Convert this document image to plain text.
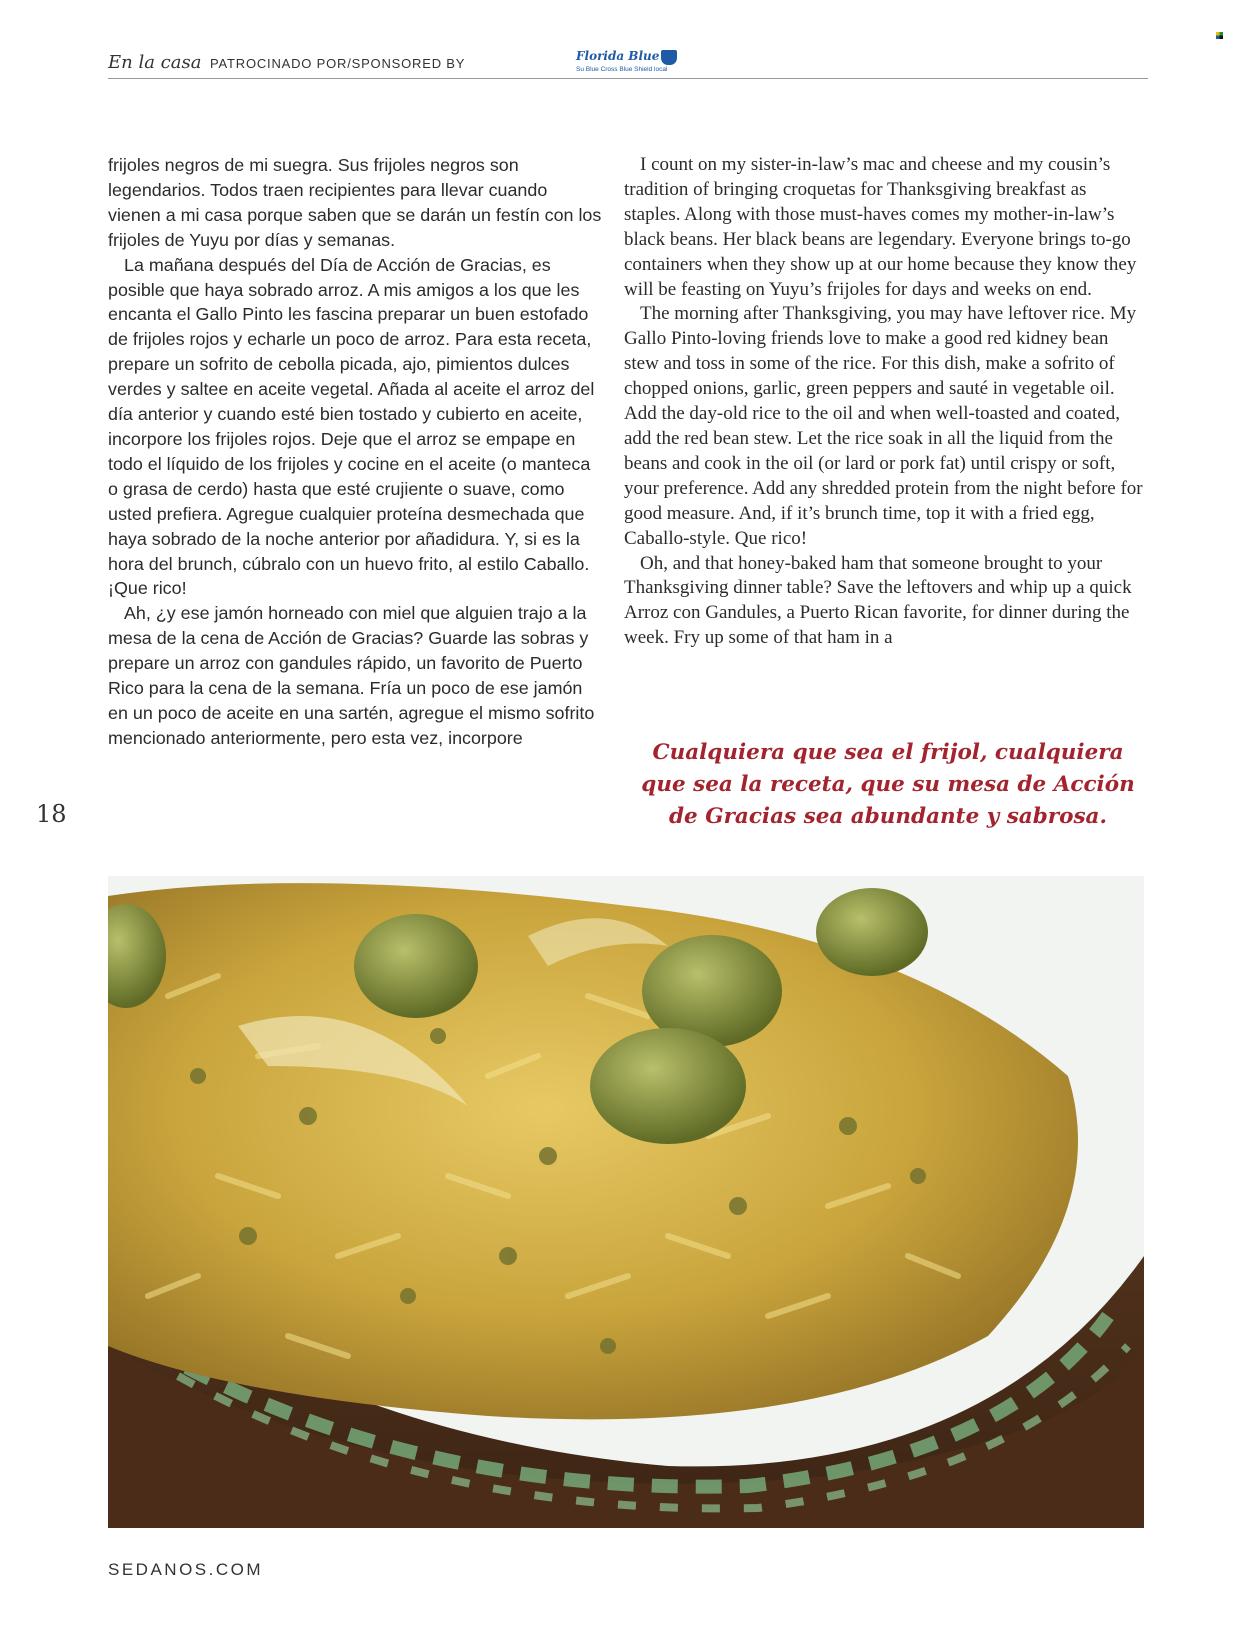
En la casa PATROCINADO POR/SPONSORED BY	Florida Blue
Su Blue Cross Blue Shield local
18

frijoles negros de mi suegra. Sus frijoles negros son legendarios. Todos traen recipientes para llevar cuando vienen a mi casa porque saben que se darán un festín con los frijoles de Yuyu por días y semanas.

La mañana después del Día de Acción de Gracias, es posible que haya sobrado arroz. A mis amigos a los que les encanta el Gallo Pinto les fascina preparar un buen estofado de frijoles rojos y echarle un poco de arroz. Para esta receta, prepare un sofrito de cebolla picada, ajo, pimientos dulces verdes y saltee en aceite vegetal. Añada al aceite el arroz del día anterior y cuando esté bien tostado y cubierto en aceite, incorpore los frijoles rojos. Deje que el arroz se empape en todo el líquido de los frijoles y cocine en el aceite (o manteca o grasa de cerdo) hasta que esté crujiente o suave, como usted prefiera. Agregue cualquier proteína desmechada que haya sobrado de la noche anterior por añadidura. Y, si es la hora del brunch, cúbralo con un huevo frito, al estilo Caballo. ¡Que rico!

Ah, ¿y ese jamón horneado con miel que alguien trajo a la mesa de la cena de Acción de Gracias? Guarde las sobras y prepare un arroz con gandules rápido, un favorito de Puerto Rico para la cena de la semana. Fría un poco de ese jamón en un poco de aceite en una sartén, agregue el mismo sofrito mencionado anteriormente, pero esta vez, incorpore

I count on my sister-in-law’s mac and cheese and my cousin’s tradition of bringing croquetas for Thanksgiving breakfast as staples. Along with those must-haves comes my mother-in-law’s black beans. Her black beans are legendary. Everyone brings to-go containers when they show up at our home because they know they will be feasting on Yuyu’s frijoles for days and weeks on end.

The morning after Thanksgiving, you may have leftover rice. My Gallo Pinto-loving friends love to make a good red kidney bean stew and toss in some of the rice. For this dish, make a sofrito of chopped onions, garlic, green peppers and sauté in vegetable oil. Add the day-old rice to the oil and when well-toasted and coated, add the red bean stew. Let the rice soak in all the liquid from the beans and cook in the oil (or lard or pork fat) until crispy or soft, your preference. Add any shredded protein from the night before for good measure. And, if it’s brunch time, top it with a fried egg, Caballo-style. Que rico!

Oh, and that honey-baked ham that someone brought to your Thanksgiving dinner table? Save the leftovers and whip up a quick Arroz con Gandules, a Puerto Rican favorite, for dinner during the week. Fry up some of that ham in a

Cualquiera que sea el frijol, cualquiera que sea la receta, que su mesa de Acción de Gracias sea abundante y sabrosa.
SEDANOS.COM
